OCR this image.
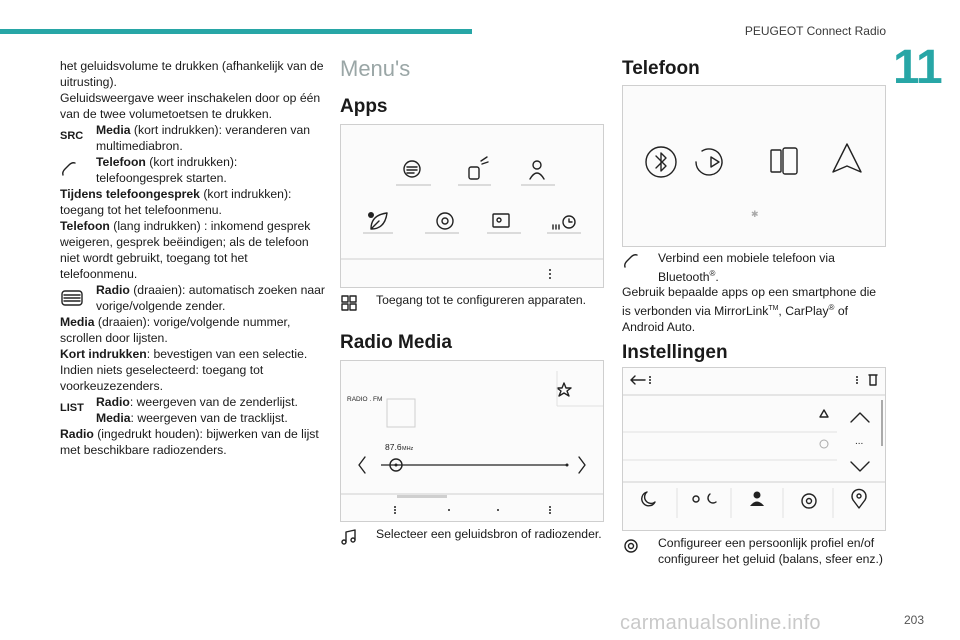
PEUGEOT Connect Radio
11

het geluidsvolume te drukken (afhankelijk van de uitrusting).

Geluidsweergave weer inschakelen door op één van de twee volumetoetsen te drukken.

SRC Media (kort indrukken): veranderen van multimediabron.
Telefoon (kort indrukken): telefoongesprek starten.

Tijdens telefoongesprek (kort indrukken): toegang tot het telefoonmenu.

Telefoon (lang indrukken) : inkomend gesprek weigeren, gesprek beëindigen; als de telefoon niet wordt gebruikt, toegang tot het telefoonmenu.

Radio (draaien): automatisch zoeken naar vorige/volgende zender.

Media (draaien): vorige/volgende nummer, scrollen door lijsten.

Kort indrukken: bevestigen van een selectie. Indien niets geselecteerd: toegang tot voorkeuzezenders.

LIST Radio: weergeven van de zenderlijst.
Media: weergeven van de tracklijst.

Radio (ingedrukt houden): bijwerken van de lijst met beschikbare radiozenders.

Menu's
Apps
Toegang tot te configureren apparaten.
Radio Media
RADIO . FM
87.6 MHz
Selecteer een geluidsbron of radiozender.
Telefoon
✱
Verbind een mobiele telefoon via Bluetooth®.
Gebruik bepaalde apps op een smartphone die is verbonden via MirrorLink™, CarPlay® of Android Auto.
Instellingen
...
Configureer een persoonlijk profiel en/of configureer het geluid (balans, sfeer enz.)
carmanualsonline.info	203
